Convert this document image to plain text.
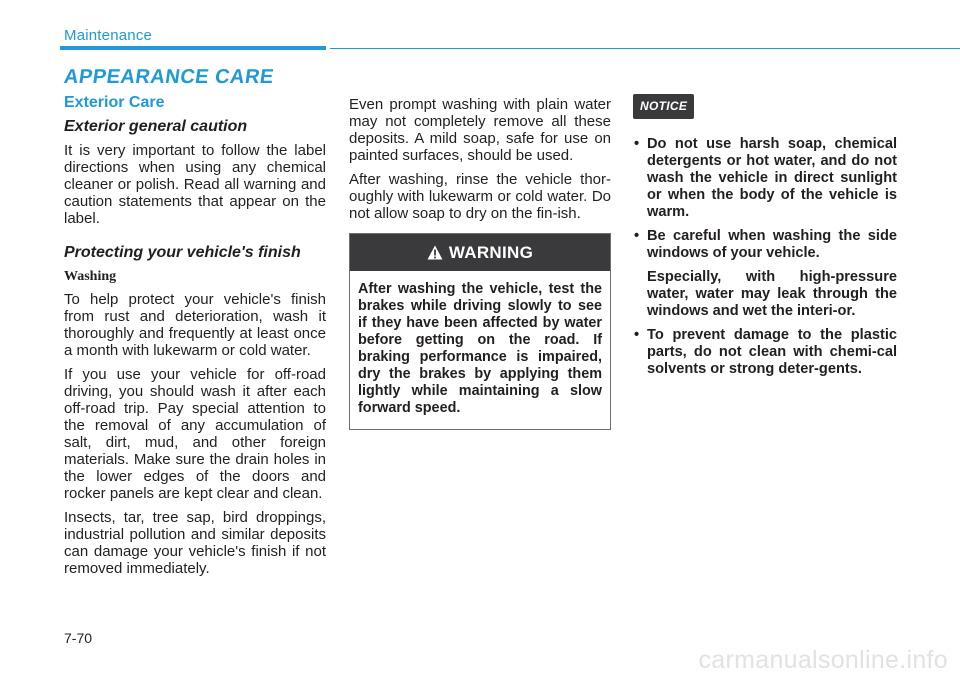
Maintenance
APPEARANCE CARE
Exterior Care
Exterior general caution

It is very important to follow the label directions when using any chemical cleaner or polish. Read all warning and caution statements that appear on the label.

Protecting your vehicle's finish
Washing

To help protect your vehicle's finish from rust and deterioration, wash it thoroughly and frequently at least once a month with lukewarm or cold water.

If you use your vehicle for off-road driving, you should wash it after each off-road trip. Pay special attention to the removal of any accumulation of salt, dirt, mud, and other foreign materials. Make sure the drain holes in the lower edges of the doors and rocker panels are kept clear and clean.

Insects, tar, tree sap, bird droppings, industrial pollution and similar deposits can damage your vehicle's finish if not removed immediately.

Even prompt washing with plain water may not completely remove all these deposits. A mild soap, safe for use on painted surfaces, should be used.

After washing, rinse the vehicle thor-oughly with lukewarm or cold water. Do not allow soap to dry on the fin-ish.

WARNING
After washing the vehicle, test the brakes while driving slowly to see if they have been affected by water before getting on the road. If braking performance is impaired, dry the brakes by applying them lightly while maintaining a slow forward speed.
NOTICE
• Do not use harsh soap, chemical detergents or hot water, and do not wash the vehicle in direct sunlight or when the body of the vehicle is warm.
• Be careful when washing the side windows of your vehicle.
Especially, with high-pressure water, water may leak through the windows and wet the interi-or.
• To prevent damage to the plastic parts, do not clean with chemi-cal solvents or strong deter-gents.
7-70
carmanualsonline.info
